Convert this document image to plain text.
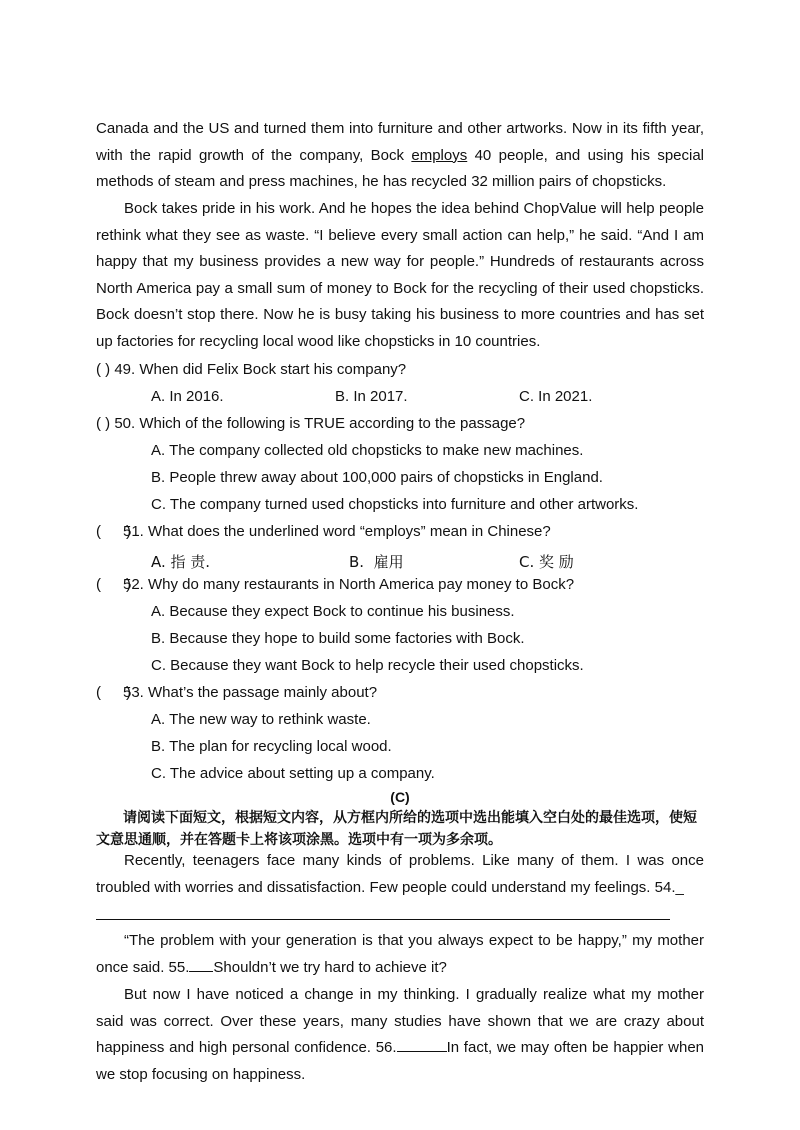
Canada and the US and turned them into furniture and other artworks. Now in its fifth year, with the rapid growth of the company, Bock employs 40 people, and using his special methods of steam and press machines, he has recycled 32 million pairs of chopsticks.

Bock takes pride in his work. And he hopes the idea behind ChopValue will help people rethink what they see as waste. “I believe every small action can help,” he said. “And I am happy that my business provides a new way for people.” Hundreds of restaurants across North America pay a small sum of money to Bock for the recycling of their used chopsticks. Bock doesn’t stop there. Now he is busy taking his business to more countries and has set up factories for recycling local wood like chopsticks in 10 countries.

( ) 49. When did Felix Bock start his company?
A. In 2016.	B. In 2017.	C. In 2021.
( ) 50. Which of the following is TRUE according to the passage?
A. The company collected old chopsticks to make new machines.
B. People threw away about 100,000 pairs of chopsticks in England.
C. The company turned used chopsticks into furniture and other artworks.
(      )
51. What does the underlined word “employs” mean in Chinese?
A. 指 责.	B.  雇用	C. 奖 励
(      )
52. Why do many restaurants in North America pay money to Bock?
A. Because they expect Bock to continue his business.
B. Because they hope to build some factories with Bock.
C. Because they want Bock to help recycle their used chopsticks.
(      )
53. What’s the passage mainly about?
A. The new way to rethink waste.
B. The plan for recycling local wood.
C. The advice about setting up a company.
(C)
请阅读下面短文，根据短文内容，从方框内所给的选项中选出能填入空白处的最佳选项，使短
文意思通顺，并在答题卡上将该项涂黑。选项中有一项为多余项。

Recently, teenagers face many kinds of problems. Like many of them. I was once troubled with worries and dissatisfaction. Few people could understand my feelings. 54._

“The problem with your generation is that you always expect to be happy,” my mother once said. 55. Shouldn’t we try hard to achieve it?

But now I have noticed a change in my thinking. I gradually realize what my mother said was correct. Over these years, many studies have shown that we are crazy about happiness and high personal confidence. 56.	In fact, we may often be happier when we stop focusing on happiness.
